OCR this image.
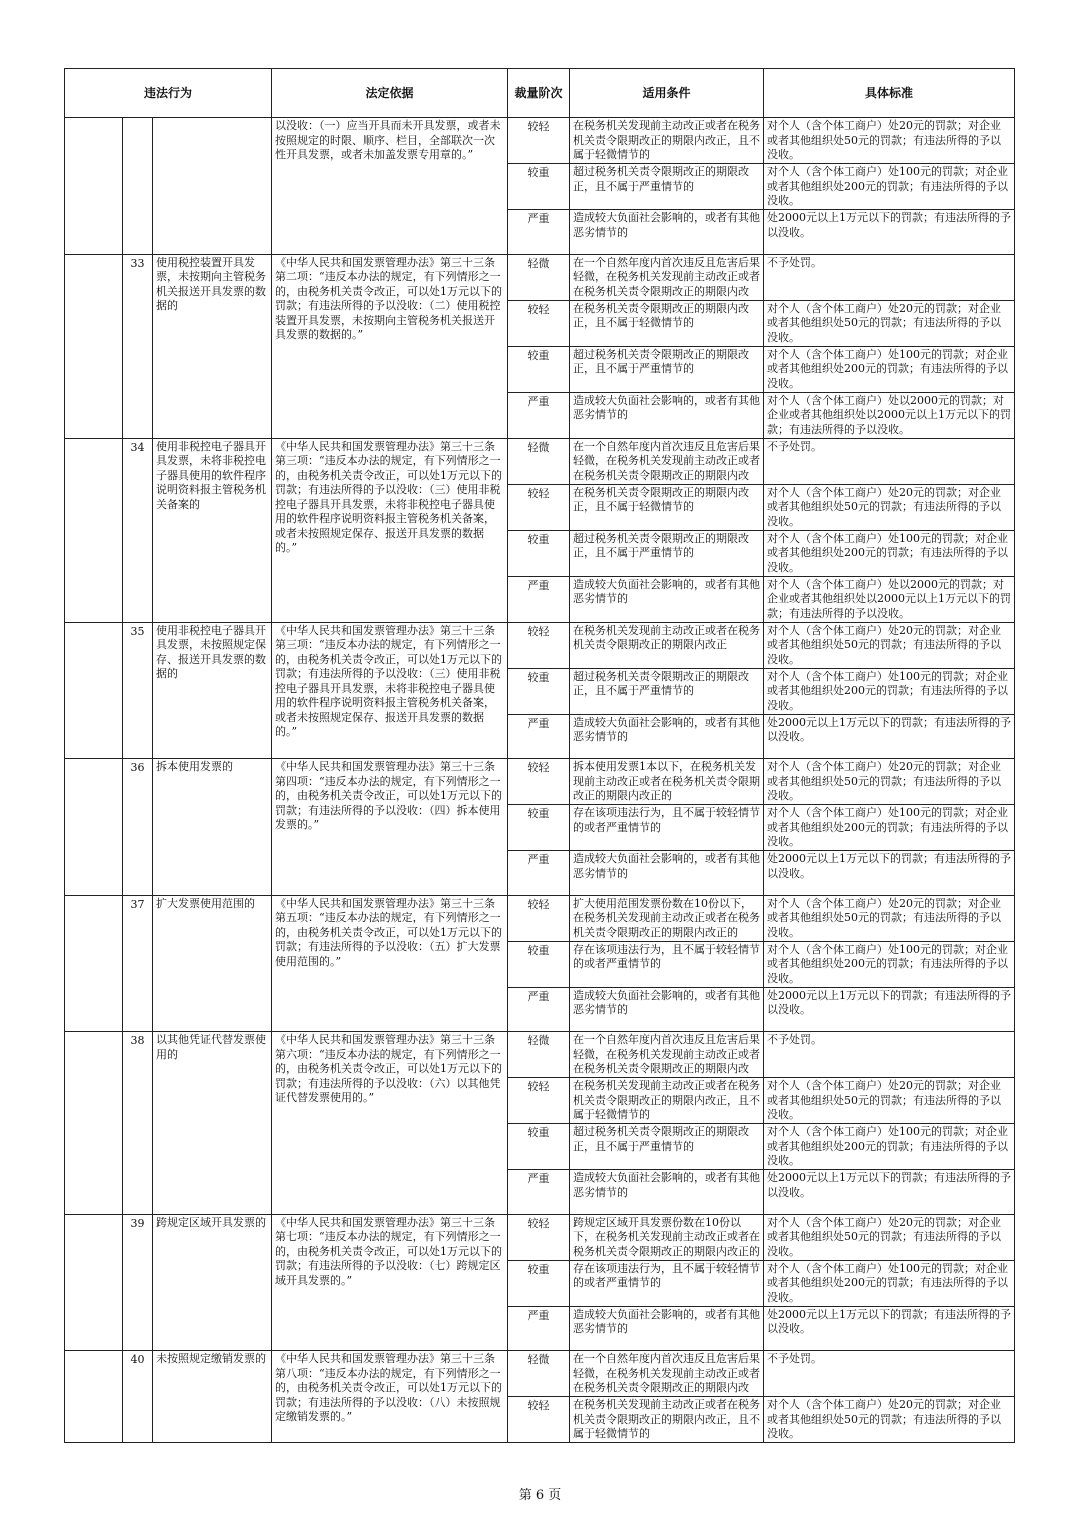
违法行为			法定依据	裁量阶次	适用条件	具体标准
			以没收：（一）应当开具而未开具发票，或者未按照规定的时限、顺序、栏目，全部联次一次性开具发票，或者未加盖发票专用章的。”	较轻	在税务机关发现前主动改正或者在税务机关责令限期改正的期限内改正，且不属于轻微情节的	对个人（含个体工商户）处20元的罚款；对企业或者其他组织处50元的罚款；有违法所得的予以没收。

				较重	超过税务机关责令限期改正的期限改正，且不属于严重情节的	对个人（含个体工商户）处100元的罚款；对企业或者其他组织处200元的罚款；有违法所得的予以没收。

				严重	造成较大负面社会影响的，或者有其他恶劣情节的	处2000元以上1万元以下的罚款；有违法所得的予以没收。

	33	使用税控装置开具发票，未按期向主管税务机关报送开具发票的数据的	《中华人民共和国发票管理办法》第三十三条第二项：“违反本办法的规定，有下列情形之一的，由税务机关责令改正，可以处1万元以下的罚款；有违法所得的予以没收：（二）使用税控装置开具发票，未按期向主管税务机关报送开具发票的数据的。”	轻微	在一个自然年度内首次违反且危害后果轻微，在税务机关发现前主动改正或者在税务机关责令限期改正的期限内改	不予处罚。

				较轻	在税务机关责令限期改正的期限内改正，且不属于轻微情节的	对个人（含个体工商户）处20元的罚款；对企业或者其他组织处50元的罚款；有违法所得的予以没收。

				较重	超过税务机关责令限期改正的期限改正，且不属于严重情节的	对个人（含个体工商户）处100元的罚款；对企业或者其他组织处200元的罚款；有违法所得的予以没收。

				严重	造成较大负面社会影响的，或者有其他恶劣情节的	对个人（含个体工商户）处以2000元的罚款；对企业或者其他组织处以2000元以上1万元以下的罚款；有违法所得的予以没收。

	34	使用非税控电子器具开具发票，未将非税控电子器具使用的软件程序说明资料报主管税务机关备案的	《中华人民共和国发票管理办法》第三十三条第三项：“违反本办法的规定，有下列情形之一的，由税务机关责令改正，可以处1万元以下的罚款；有违法所得的予以没收：（三）使用非税控电子器具开具发票，未将非税控电子器具使用的软件程序说明资料报主管税务机关备案，或者未按照规定保存、报送开具发票的数据的。”	轻微	在一个自然年度内首次违反且危害后果轻微，在税务机关发现前主动改正或者在税务机关责令限期改正的期限内改	不予处罚。

				较轻	在税务机关责令限期改正的期限内改正，且不属于轻微情节的	对个人（含个体工商户）处20元的罚款；对企业或者其他组织处50元的罚款；有违法所得的予以没收。

				较重	超过税务机关责令限期改正的期限改正，且不属于严重情节的	对个人（含个体工商户）处100元的罚款；对企业或者其他组织处200元的罚款；有违法所得的予以没收。

				严重	造成较大负面社会影响的，或者有其他恶劣情节的	对个人（含个体工商户）处以2000元的罚款；对企业或者其他组织处以2000元以上1万元以下的罚款；有违法所得的予以没收。

	35	使用非税控电子器具开具发票，未按照规定保存、报送开具发票的数据的	《中华人民共和国发票管理办法》第三十三条第三项：“违反本办法的规定，有下列情形之一的，由税务机关责令改正，可以处1万元以下的罚款；有违法所得的予以没收：（三）使用非税控电子器具开具发票，未将非税控电子器具使用的软件程序说明资料报主管税务机关备案，或者未按照规定保存、报送开具发票的数据的。”	较轻	在税务机关发现前主动改正或者在税务机关责令限期改正的期限内改正	对个人（含个体工商户）处20元的罚款；对企业或者其他组织处50元的罚款；有违法所得的予以没收。

				较重	超过税务机关责令限期改正的期限改正，且不属于严重情节的	对个人（含个体工商户）处100元的罚款；对企业或者其他组织处200元的罚款；有违法所得的予以没收。

				严重	造成较大负面社会影响的，或者有其他恶劣情节的	处2000元以上1万元以下的罚款；有违法所得的予以没收。

	36	拆本使用发票的	《中华人民共和国发票管理办法》第三十三条第四项：“违反本办法的规定，有下列情形之一的，由税务机关责令改正，可以处1万元以下的罚款；有违法所得的予以没收：（四）拆本使用发票的。”	较轻	拆本使用发票1本以下，在税务机关发现前主动改正或者在税务机关责令限期改正的期限内改正的	对个人（含个体工商户）处20元的罚款；对企业或者其他组织处50元的罚款；有违法所得的予以没收。

				较重	存在该项违法行为，且不属于较轻情节的或者严重情节的	对个人（含个体工商户）处100元的罚款；对企业或者其他组织处200元的罚款；有违法所得的予以没收。

				严重	造成较大负面社会影响的，或者有其他恶劣情节的	处2000元以上1万元以下的罚款；有违法所得的予以没收。

	37	扩大发票使用范围的	《中华人民共和国发票管理办法》第三十三条第五项：“违反本办法的规定，有下列情形之一的，由税务机关责令改正，可以处1万元以下的罚款；有违法所得的予以没收：（五）扩大发票使用范围的。”	较轻	扩大使用范围发票份数在10份以下，在税务机关发现前主动改正或者在税务机关责令限期改正的期限内改正的	对个人（含个体工商户）处20元的罚款；对企业或者其他组织处50元的罚款；有违法所得的予以没收。

				较重	存在该项违法行为，且不属于较轻情节的或者严重情节的	对个人（含个体工商户）处100元的罚款；对企业或者其他组织处200元的罚款；有违法所得的予以没收。

				严重	造成较大负面社会影响的，或者有其他恶劣情节的	处2000元以上1万元以下的罚款；有违法所得的予以没收。

	38	以其他凭证代替发票使用的	《中华人民共和国发票管理办法》第三十三条第六项：“违反本办法的规定，有下列情形之一的，由税务机关责令改正，可以处1万元以下的罚款；有违法所得的予以没收：（六）以其他凭证代替发票使用的。”	轻微	在一个自然年度内首次违反且危害后果轻微，在税务机关发现前主动改正或者在税务机关责令限期改正的期限内改	不予处罚。

				较轻	在税务机关发现前主动改正或者在税务机关责令限期改正的期限内改正，且不属于轻微情节的	对个人（含个体工商户）处20元的罚款；对企业或者其他组织处50元的罚款；有违法所得的予以没收。

				较重	超过税务机关责令限期改正的期限改正，且不属于严重情节的	对个人（含个体工商户）处100元的罚款；对企业或者其他组织处200元的罚款；有违法所得的予以没收。

				严重	造成较大负面社会影响的，或者有其他恶劣情节的	处2000元以上1万元以下的罚款；有违法所得的予以没收。

	39	跨规定区域开具发票的	《中华人民共和国发票管理办法》第三十三条第七项：“违反本办法的规定，有下列情形之一的，由税务机关责令改正，可以处1万元以下的罚款；有违法所得的予以没收：（七）跨规定区域开具发票的。”	较轻	跨规定区域开具发票份数在10份以下，在税务机关发现前主动改正或者在税务机关责令限期改正的期限内改正的	对个人（含个体工商户）处20元的罚款；对企业或者其他组织处50元的罚款；有违法所得的予以没收。

				较重	存在该项违法行为，且不属于较轻情节的或者严重情节的	对个人（含个体工商户）处100元的罚款；对企业或者其他组织处200元的罚款；有违法所得的予以没收。

				严重	造成较大负面社会影响的，或者有其他恶劣情节的	处2000元以上1万元以下的罚款；有违法所得的予以没收。

	40	未按照规定缴销发票的	《中华人民共和国发票管理办法》第三十三条第八项：“违反本办法的规定，有下列情形之一的，由税务机关责令改正，可以处1万元以下的罚款；有违法所得的予以没收：（八）未按照规定缴销发票的。”	轻微	在一个自然年度内首次违反且危害后果轻微，在税务机关发现前主动改正或者在税务机关责令限期改正的期限内改	不予处罚。

				较轻	在税务机关发现前主动改正或者在税务机关责令限期改正的期限内改正，且不属于轻微情节的	对个人（含个体工商户）处20元的罚款；对企业或者其他组织处50元的罚款；有违法所得的予以没收。
第 6 页
